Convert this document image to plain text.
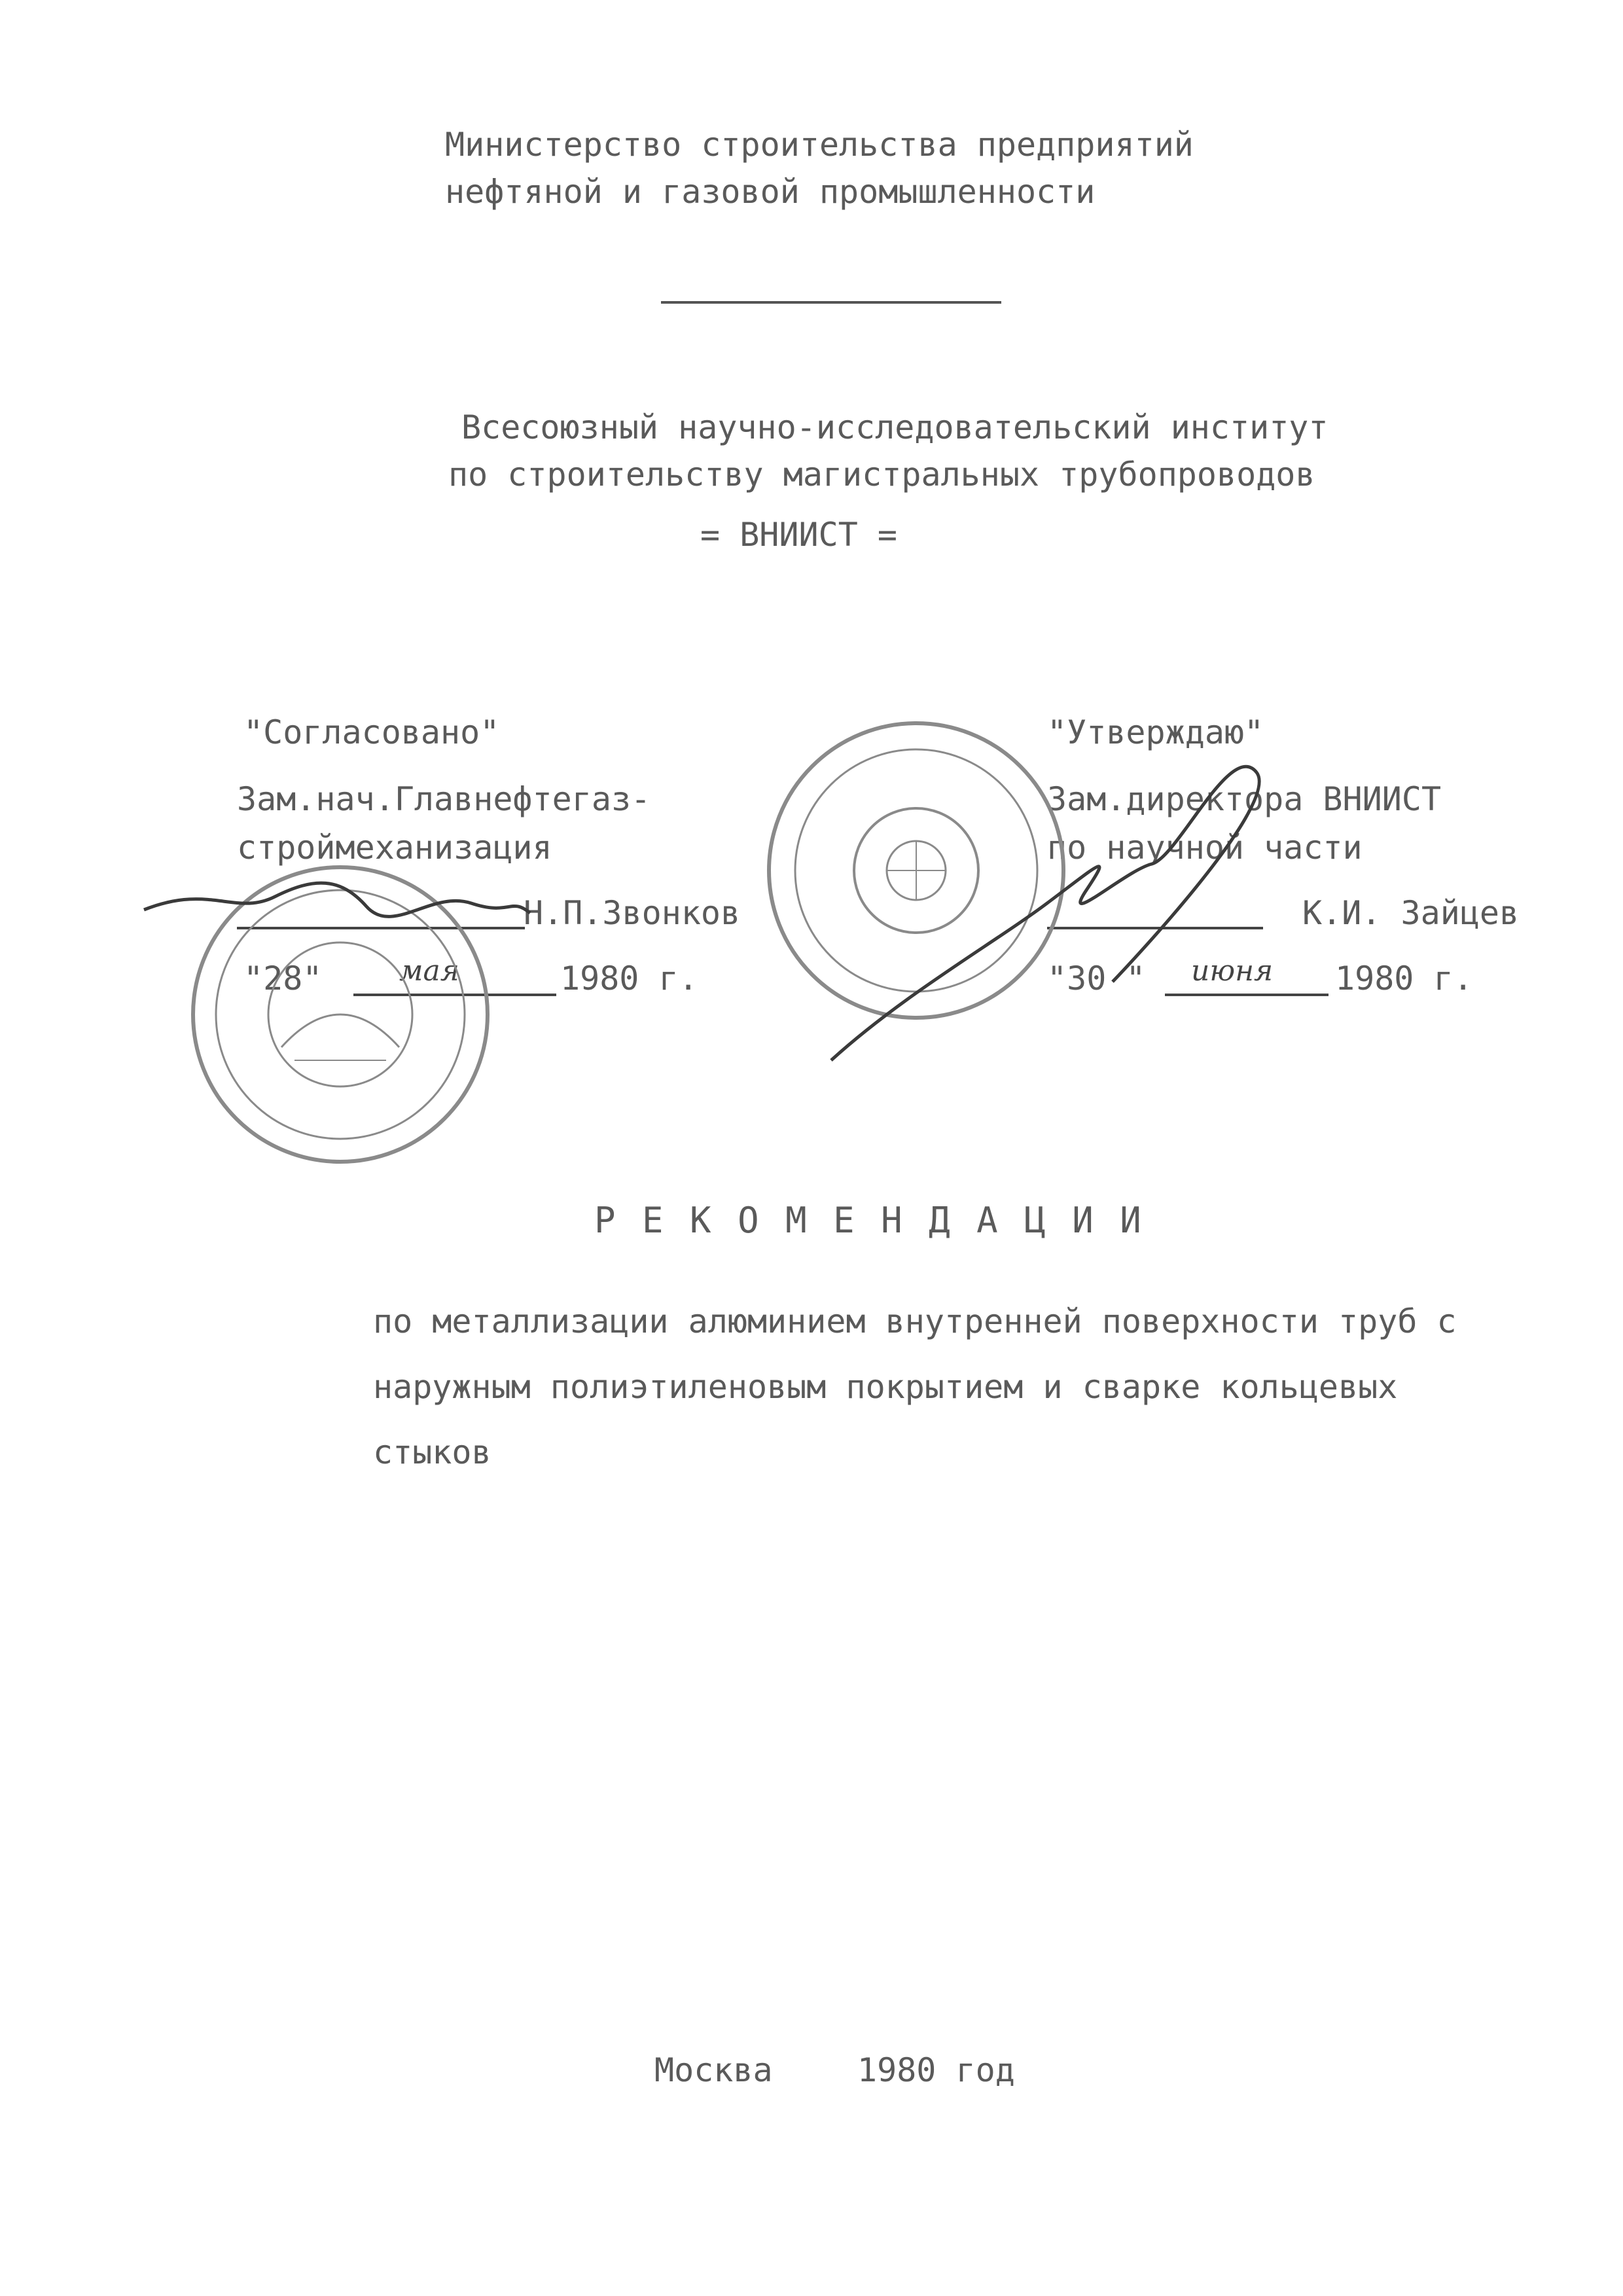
Министерство строительства предприятий
нефтяной и газовой промышленности
Всесоюзный научно-исследовательский институт
по строительству магистральных трубопроводов
= ВНИИСТ =
"Согласовано"
Зам.нач.Главнефтегаз-
строймеханизация
Н.П.Звонков
"28"	мая	1980 г.
"Утверждаю"
Зам.директора ВНИИСТ
по научной части
К.И. Зайцев
"30 " июня 1980 г.
Р Е К О М Е Н Д А Ц И И
по металлизации алюминием внутренней поверхности труб с
наружным полиэтиленовым покрытием и сварке кольцевых
стыков
Москва	1980 год
